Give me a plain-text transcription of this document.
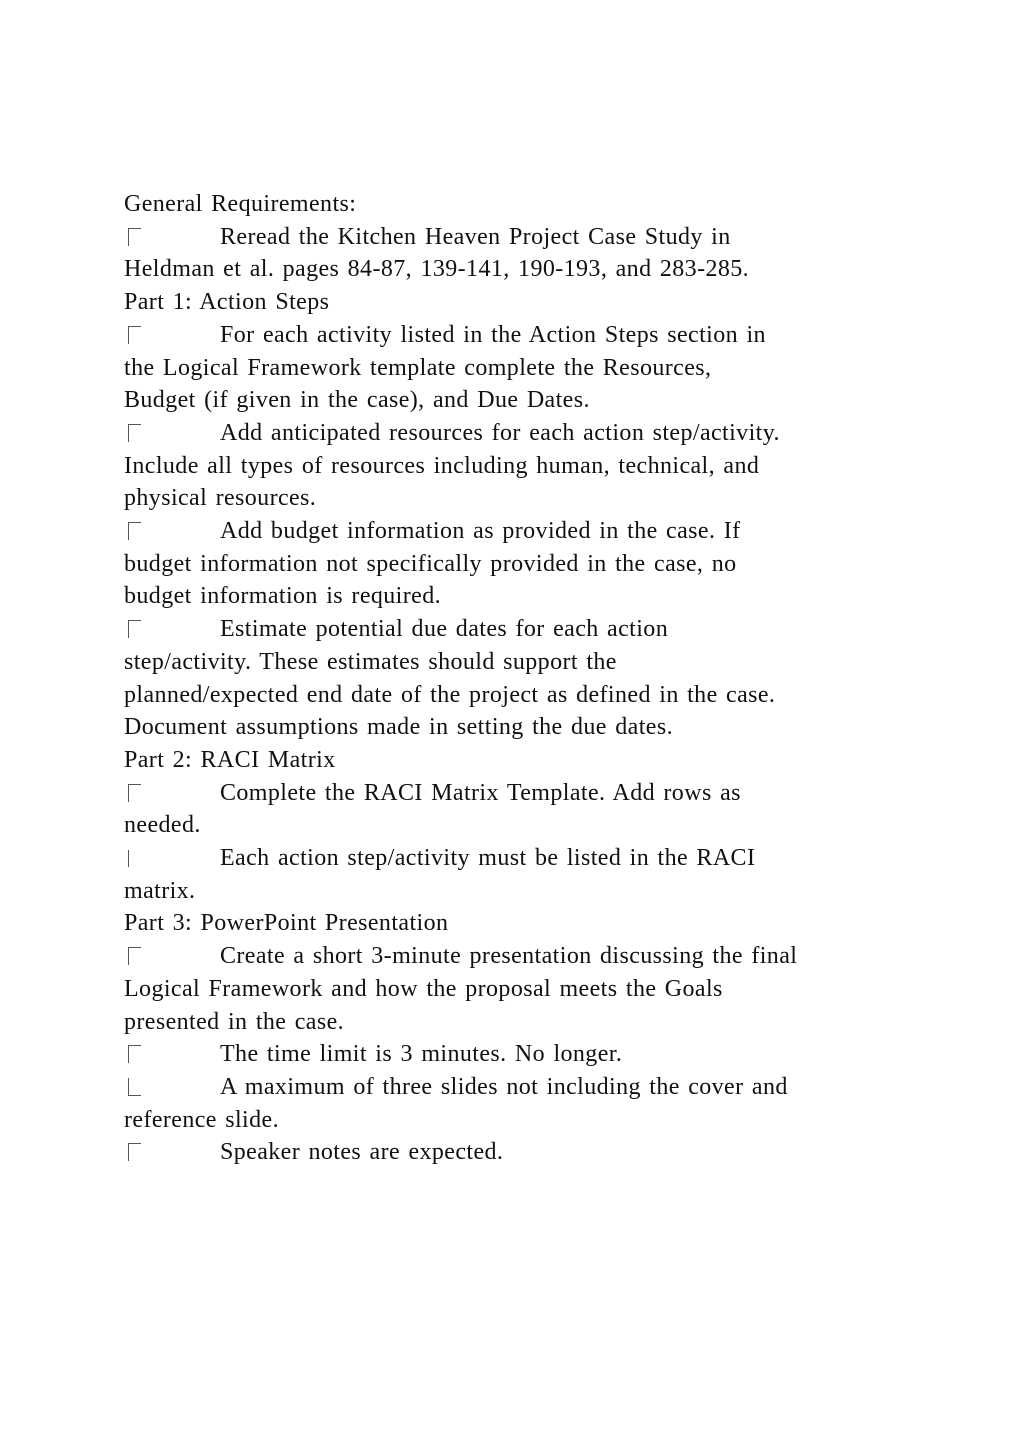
General Requirements:
Reread the Kitchen Heaven Project Case Study in
Heldman et al. pages 84-87, 139-141, 190-193, and 283-285.
Part 1: Action Steps
For each activity listed in the Action Steps section in
the Logical Framework template complete the Resources,
Budget (if given in the case), and Due Dates.
Add anticipated resources for each action step/activity.
Include all types of resources including human, technical, and
physical resources.
Add budget information as provided in the case. If
budget information not specifically provided in the case, no
budget information is required.
Estimate potential due dates for each action
step/activity. These estimates should support the
planned/expected end date of the project as defined in the case.
Document assumptions made in setting the due dates.
Part 2: RACI Matrix
Complete the RACI Matrix Template. Add rows as
needed.
Each action step/activity must be listed in the RACI
matrix.
Part 3: PowerPoint Presentation
Create a short 3-minute presentation discussing the final
Logical Framework and how the proposal meets the Goals
presented in the case.
The time limit is 3 minutes. No longer.
A maximum of three slides not including the cover and
reference slide.
Speaker notes are expected.
